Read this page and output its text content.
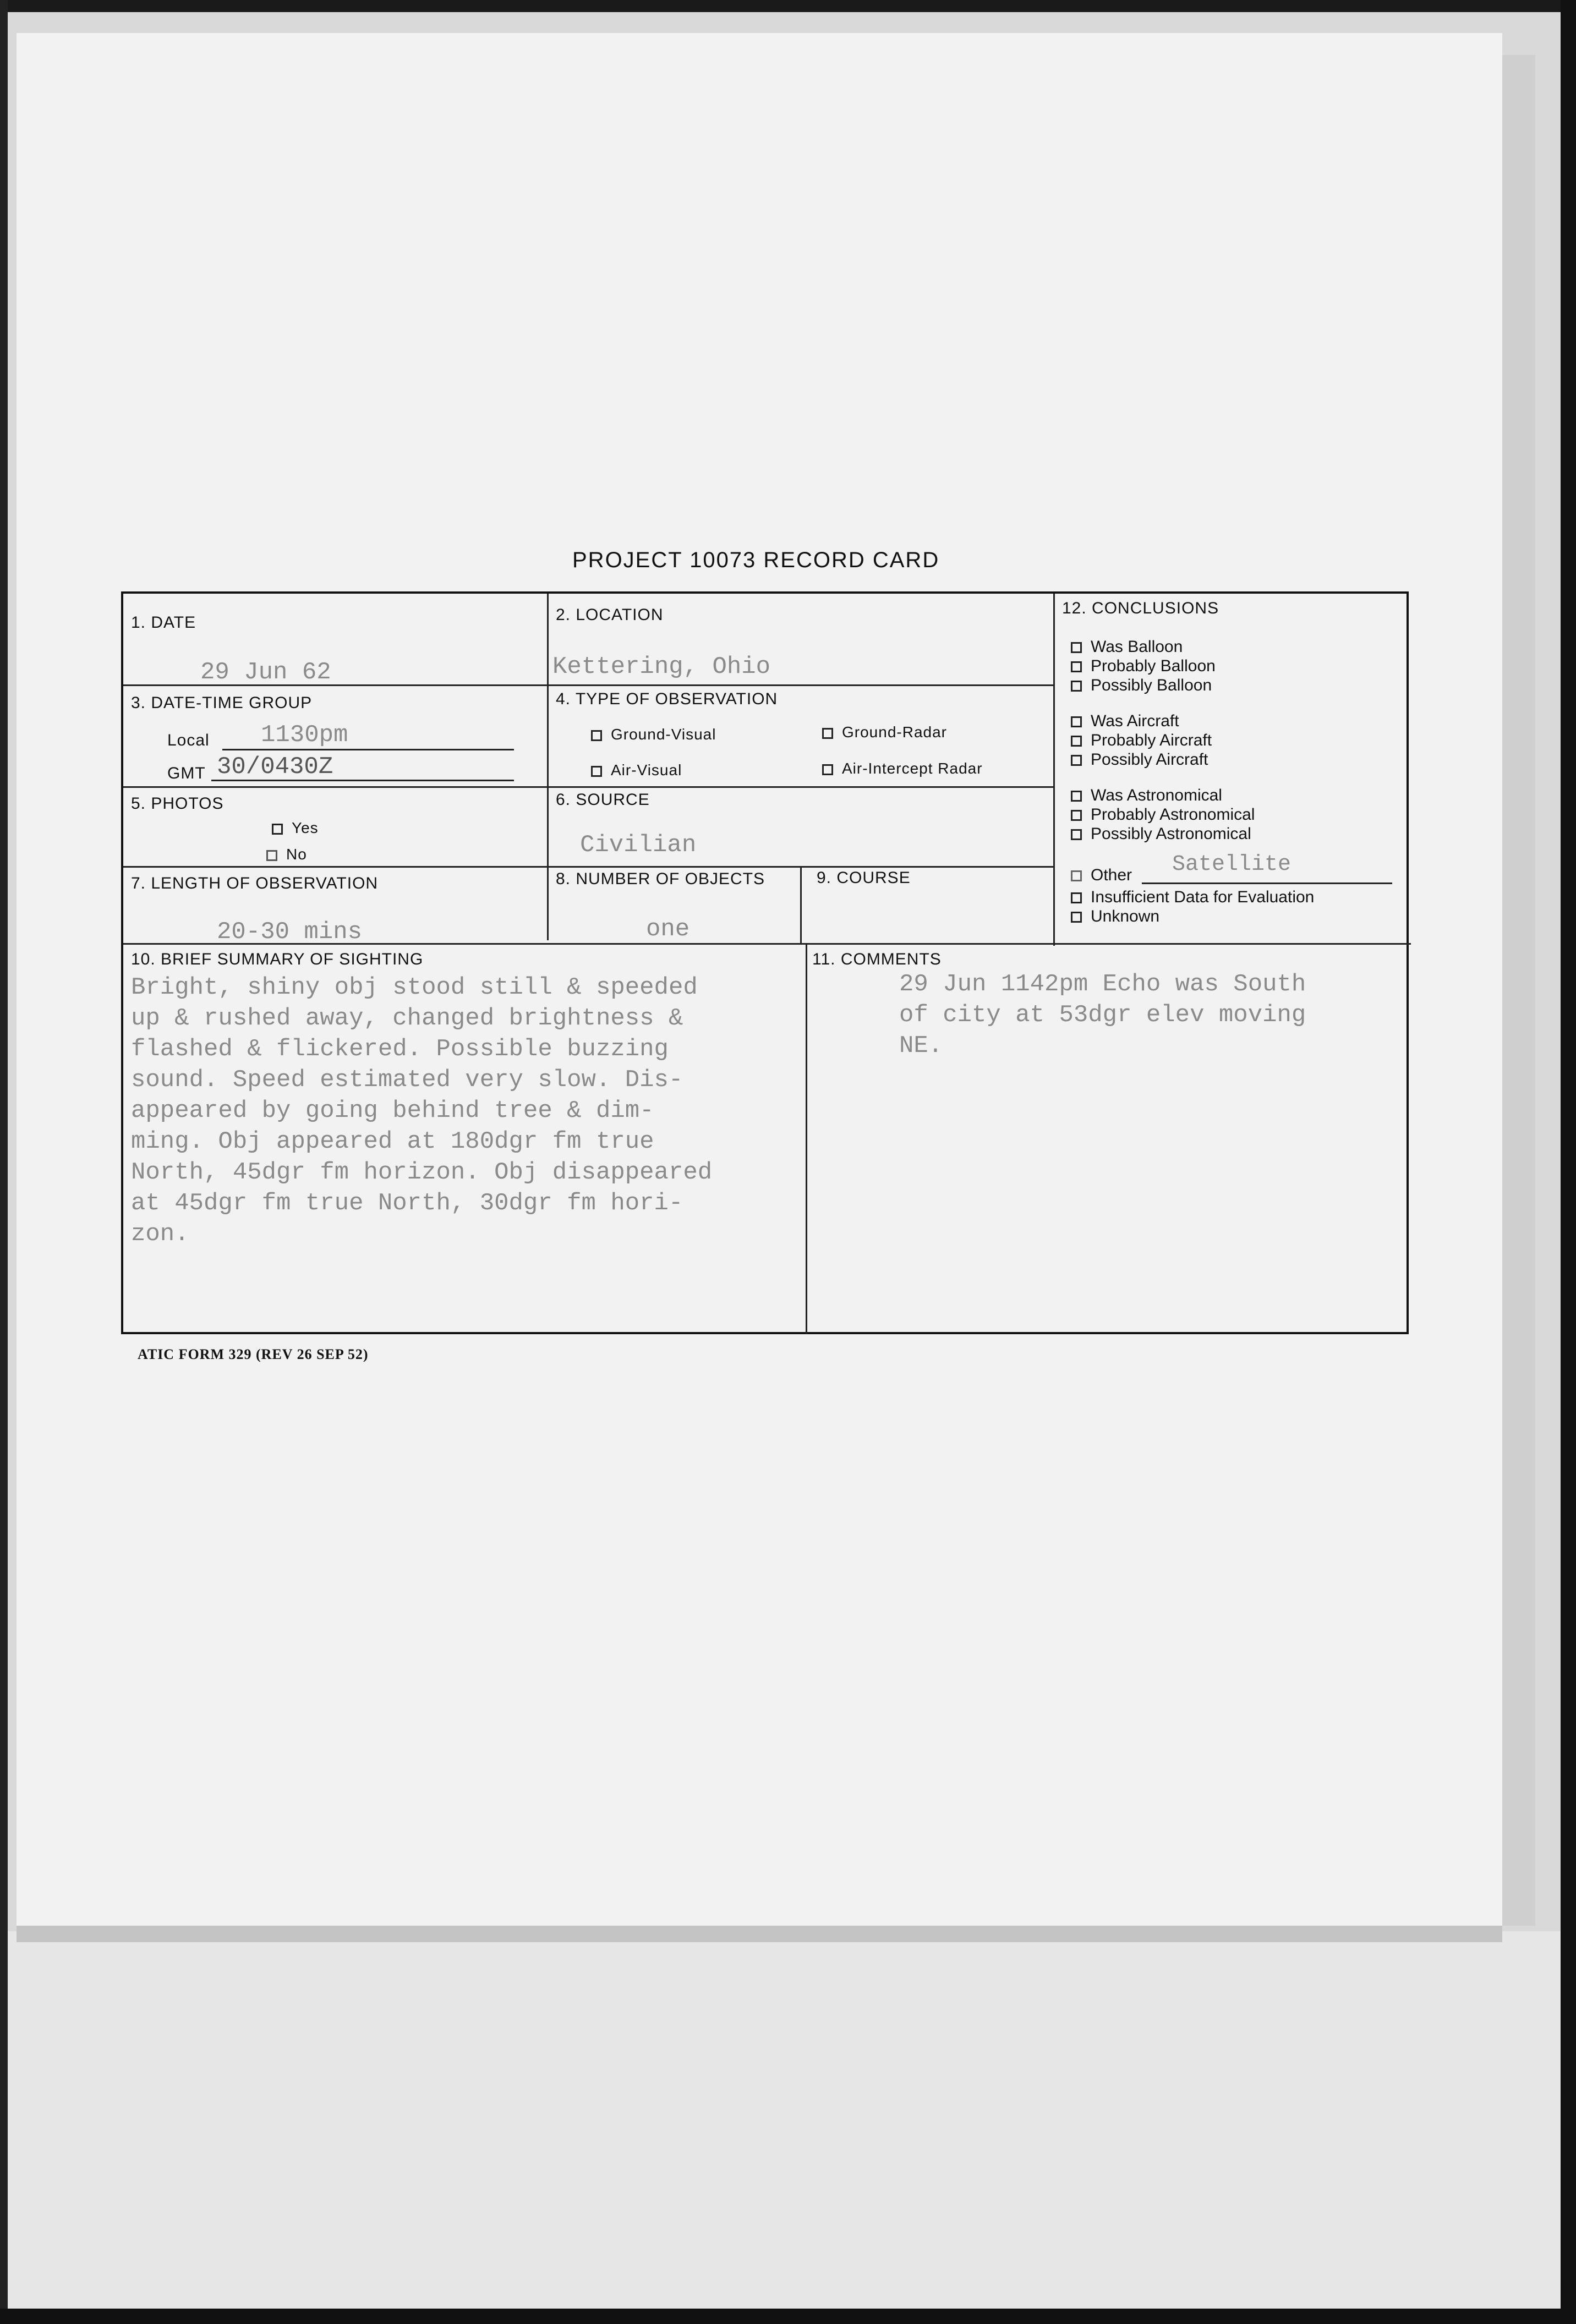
PROJECT 10073 RECORD CARD
1. DATE
29 Jun 62
2. LOCATION
Kettering, Ohio
3. DATE-TIME GROUP
Local 1130pm
GMT 30/0430Z
4. TYPE OF OBSERVATION
Ground-Visual	Ground-Radar
Air-Visual	Air-Intercept Radar
5. PHOTOS
Yes
No
6. SOURCE
Civilian
7. LENGTH OF OBSERVATION
20-30 mins
8. NUMBER OF OBJECTS
one
9. COURSE
12. CONCLUSIONS
Was Balloon
Probably Balloon
Possibly Balloon
Was Aircraft
Probably Aircraft
Possibly Aircraft
Was Astronomical
Probably Astronomical
Possibly Astronomical
Other Satellite
Insufficient Data for Evaluation
Unknown
10. BRIEF SUMMARY OF SIGHTING
Bright, shiny obj stood still & speeded
up & rushed away, changed brightness &
flashed & flickered. Possible buzzing
sound. Speed estimated very slow. Dis-
appeared by going behind tree & dim-
ming. Obj appeared at 180dgr fm true
North, 45dgr fm horizon. Obj disappeared
at 45dgr fm true North, 30dgr fm hori-
zon.
11. COMMENTS
29 Jun 1142pm Echo was South
of city at 53dgr elev moving
NE.
ATIC FORM 329 (REV 26 SEP 52)
